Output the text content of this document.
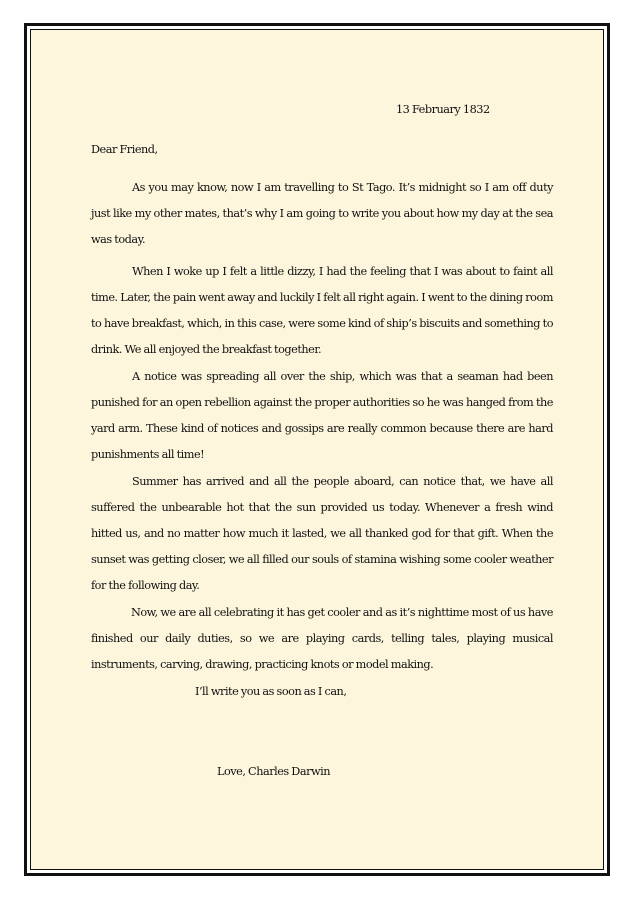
13 February 1832
Dear Friend,
As you may know, now I am travelling to St Tago. It’s midnight so I am off duty just like my other mates, that’s why I am going to write you about how my day at the sea was today.
When I woke up I felt a little dizzy, I had the feeling that I was about to faint all time. Later, the pain went away and luckily I felt all right again. I went to the dining room to have breakfast, which, in this case, were some kind of ship’s biscuits and something to drink. We all enjoyed the breakfast together.
A notice was spreading all over the ship, which was that a seaman had been punished for an open rebellion against the proper authorities so he was hanged from the yard arm. These kind of notices and gossips are really common because there are hard punishments all time!
Summer has arrived and all the people aboard, can notice that, we have all suffered the unbearable hot that the sun provided us today. Whenever a fresh wind hitted us, and no matter how much it lasted, we all thanked god for that gift. When the sunset was getting closer, we all filled our souls of stamina wishing some cooler weather for the following day.
Now, we are all celebrating it has get cooler and as it’s nighttime most of us have finished our daily duties, so we are playing cards, telling tales, playing musical instruments, carving, drawing, practicing knots or model making.
I’ll write you as soon as I can,
Love, Charles Darwin
